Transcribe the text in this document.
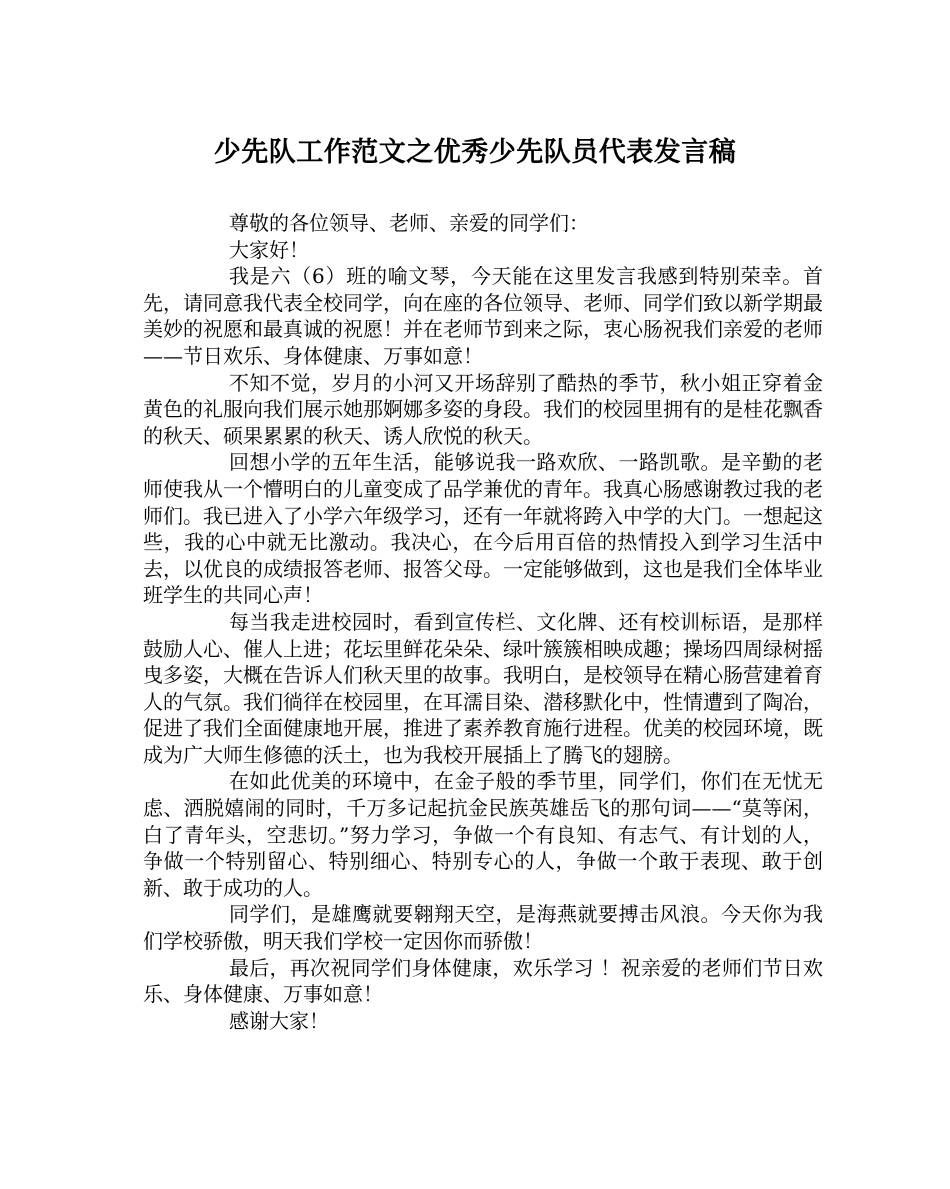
少先队工作范文之优秀少先队员代表发言稿

尊敬的各位领导、老师、亲爱的同学们：

大家好！

我是六（6）班的喻文琴，今天能在这里发言我感到特别荣幸。首先，请同意我代表全校同学，向在座的各位领导、老师、同学们致以新学期最美妙的祝愿和最真诚的祝愿！并在老师节到来之际，衷心肠祝我们亲爱的老师——节日欢乐、身体健康、万事如意！

不知不觉，岁月的小河又开场辞别了酷热的季节，秋小姐正穿着金黄色的礼服向我们展示她那婀娜多姿的身段。我们的校园里拥有的是桂花飘香的秋天、硕果累累的秋天、诱人欣悦的秋天。

回想小学的五年生活，能够说我一路欢欣、一路凯歌。是辛勤的老师使我从一个懵明白的儿童变成了品学兼优的青年。我真心肠感谢教过我的老师们。我已进入了小学六年级学习，还有一年就将跨入中学的大门。一想起这些，我的心中就无比激动。我决心，在今后用百倍的热情投入到学习生活中去，以优良的成绩报答老师、报答父母。一定能够做到，这也是我们全体毕业班学生的共同心声！

每当我走进校园时，看到宣传栏、文化牌、还有校训标语，是那样鼓励人心、催人上进；花坛里鲜花朵朵、绿叶簇簇相映成趣；操场四周绿树摇曳多姿，大概在告诉人们秋天里的故事。我明白，是校领导在精心肠营建着育人的气氛。我们徜徉在校园里，在耳濡目染、潜移默化中，性情遭到了陶冶，促进了我们全面健康地开展，推进了素养教育施行进程。优美的校园环境，既成为广大师生修德的沃土，也为我校开展插上了腾飞的翅膀。

在如此优美的环境中，在金子般的季节里，同学们，你们在无忧无虑、洒脱嬉闹的同时，千万多记起抗金民族英雄岳飞的那句词——“莫等闲，白了青年头，空悲切。”努力学习，争做一个有良知、有志气、有计划的人，争做一个特别留心、特别细心、特别专心的人，争做一个敢于表现、敢于创新、敢于成功的人。

同学们，是雄鹰就要翱翔天空，是海燕就要搏击风浪。今天你为我们学校骄傲，明天我们学校一定因你而骄傲！

最后，再次祝同学们身体健康，欢乐学习 ！祝亲爱的老师们节日欢乐、身体健康、万事如意！

感谢大家！
